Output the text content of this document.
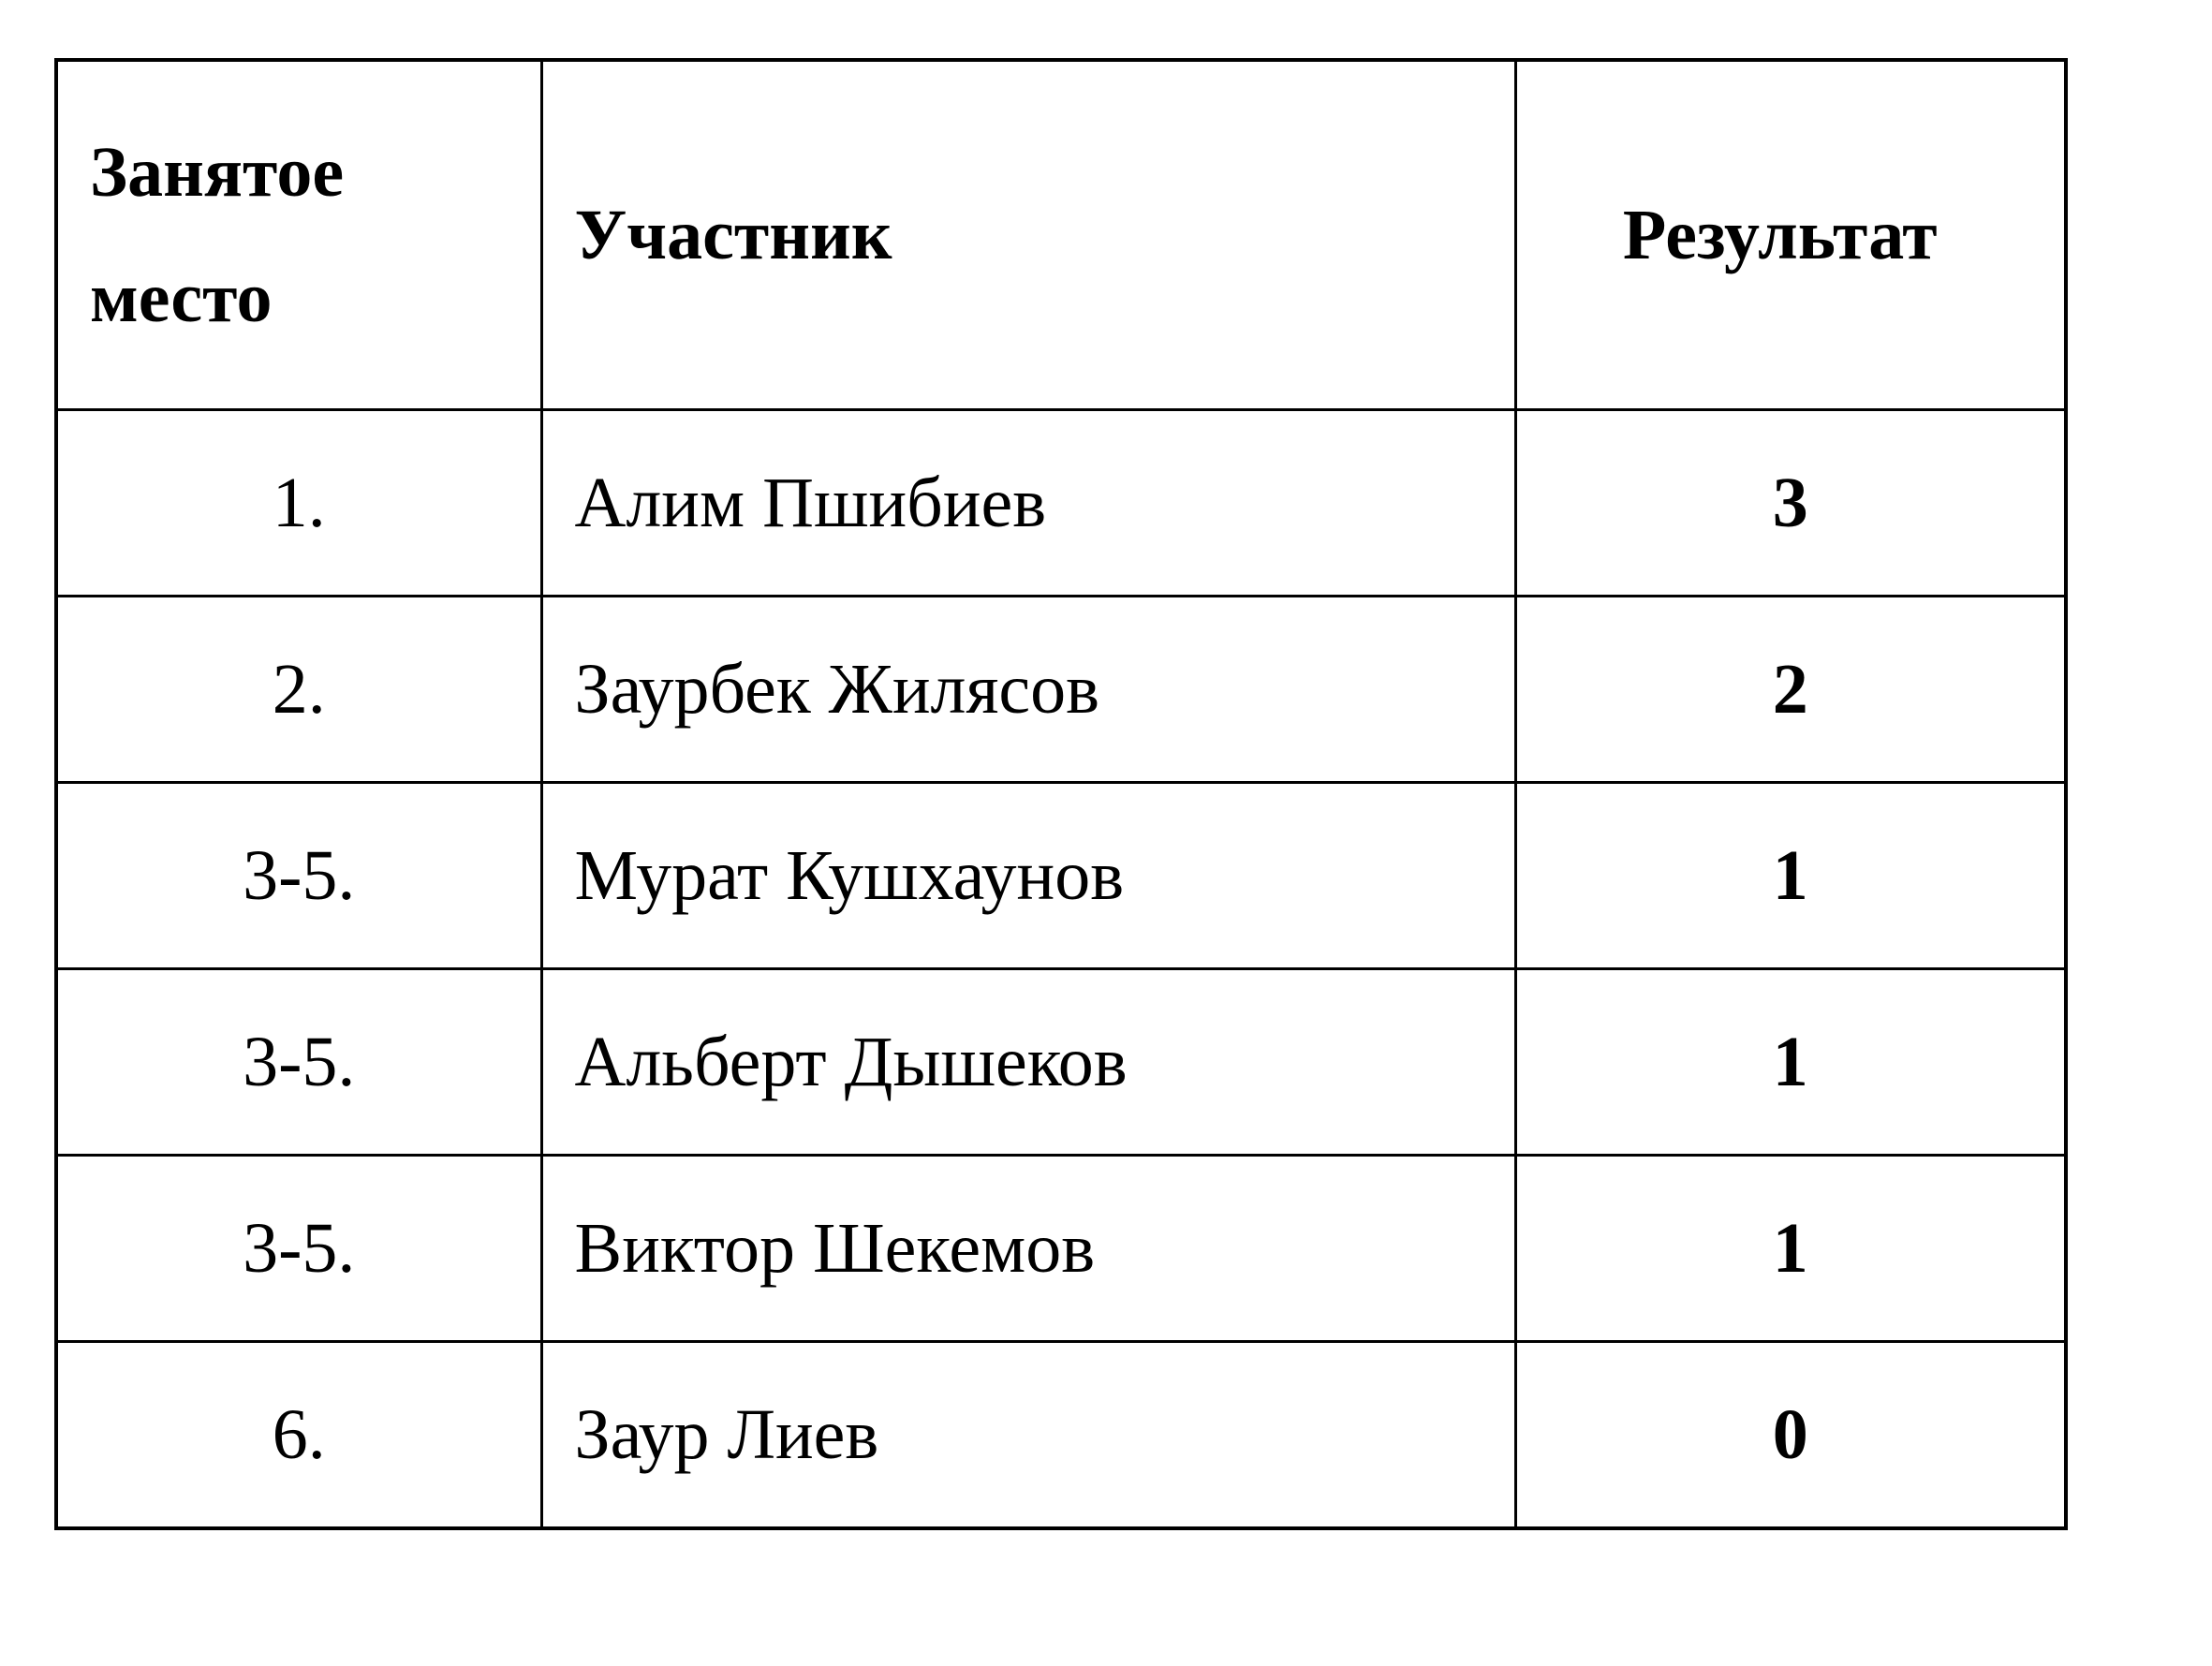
Занятое
место	Участник	Результат
1.	Алим Пшибиев	3
2.	Заурбек Жилясов	2
3-5.	Мурат Кушхаунов	1
3-5.	Альберт Дышеков	1
3-5.	Виктор Шекемов	1
6.	Заур Лиев	0
